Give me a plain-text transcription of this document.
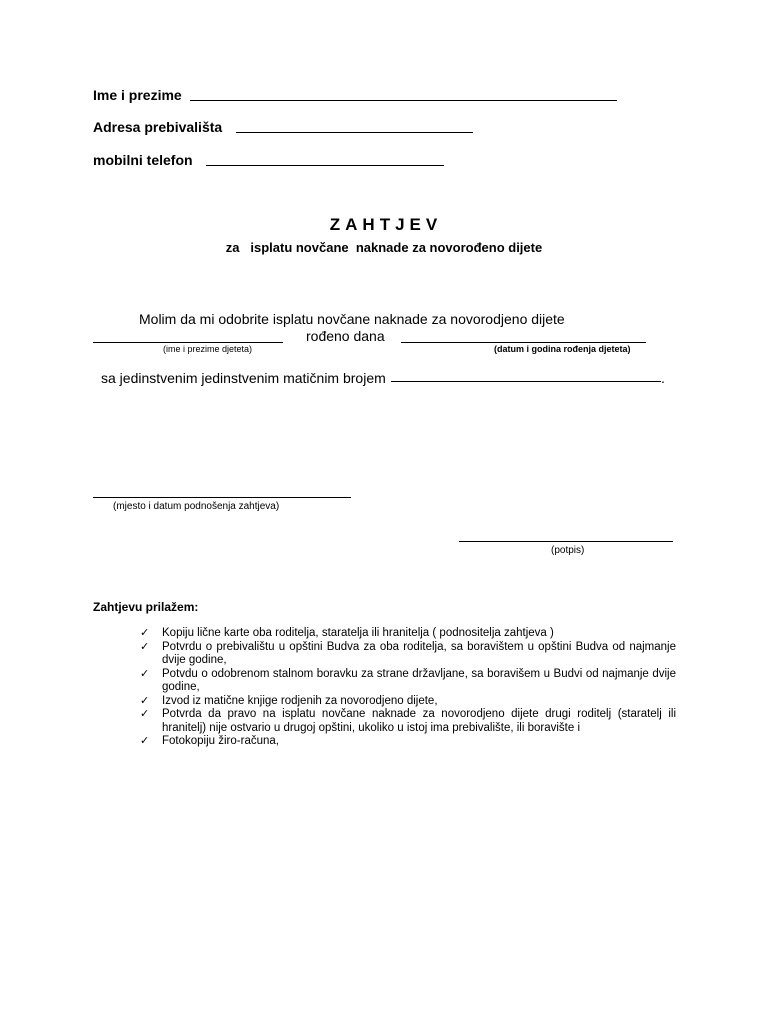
Ime i prezime
Adresa prebivališta
mobilni telefon
ZAHTJEV
za   isplatu novčane  naknade za novorođeno dijete
Molim da mi odobrite isplatu novčane naknade za novorodjeno dijete
rođeno dana
(ime i prezime djeteta)	(datum i godina rođenja djeteta)
sa jedinstvenim jedinstvenim matičnim brojem	.
(mjesto i datum podnošenja zahtjeva)
(potpis)
Zahtjevu prilažem:
✓ Kopiju lične karte oba roditelja, staratelja ili hranitelja ( podnositelja zahtjeva )
✓ Potvrdu o prebivalištu u opštini Budva za oba roditelja, sa boravištem u opštini Budva od najmanje dvije godine,
✓ Potvdu o odobrenom stalnom boravku za strane državljane, sa boravišem u Budvi od najmanje dvije godine,
✓ Izvod iz matične knjige rodjenih za novorodjeno dijete,
✓ Potvrda da pravo na isplatu novčane naknade za novorodjeno dijete drugi roditelj (staratelj ili hranitelj) nije ostvario u drugoj opštini, ukoliko u istoj ima prebivalište, ili boravište i
✓ Fotokopiju žiro-računa,
